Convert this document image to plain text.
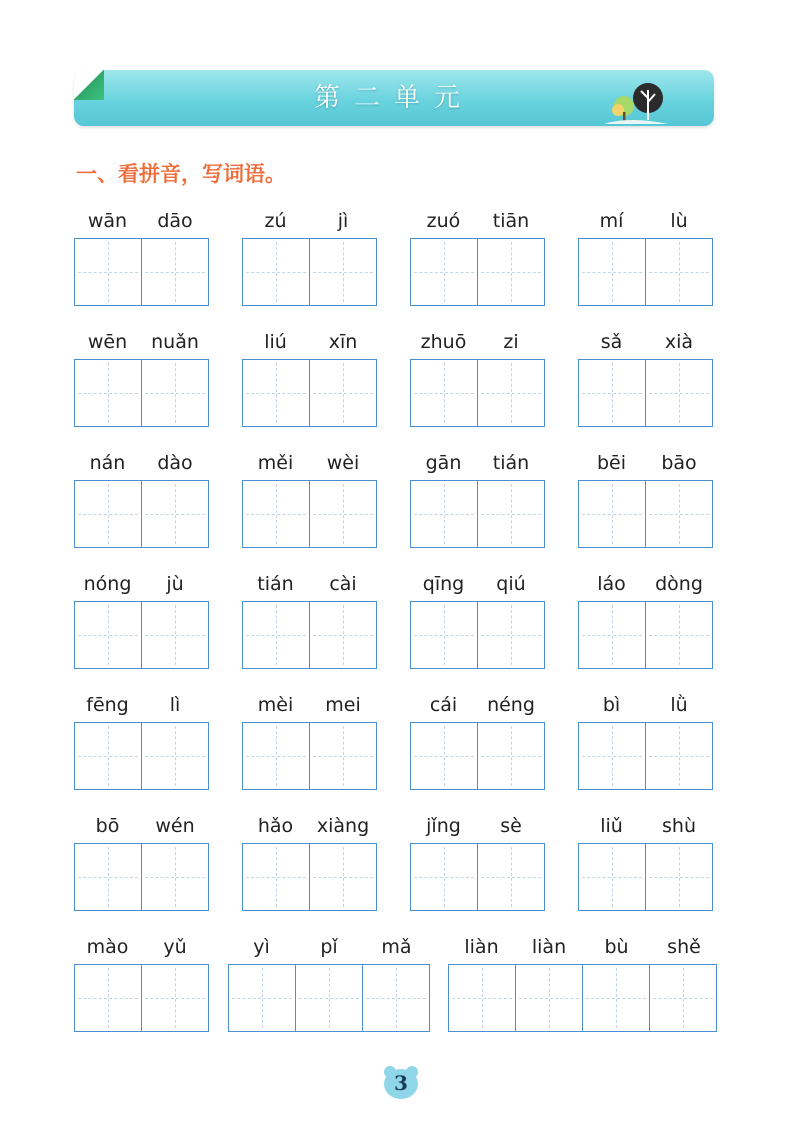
第二单元
一、看拼音，写词语。
wān	dāo	zú	jì	zuó	tiān	mí	lù
wēn	nuǎn	liú	xīn	zhuō	zi	sǎ	xià
nán	dào	měi	wèi	gān	tián	bēi	bāo
nóng	jù	tián	cài	qīng	qiú	láo	dòng
fēng	lì	mèi	mei	cái	néng	bì	lǜ
bō	wén	hǎo	xiàng	jǐng	sè	liǔ	shù
mào	yǔ	yì	pǐ	mǎ	liàn	liàn	bù	shě
3
